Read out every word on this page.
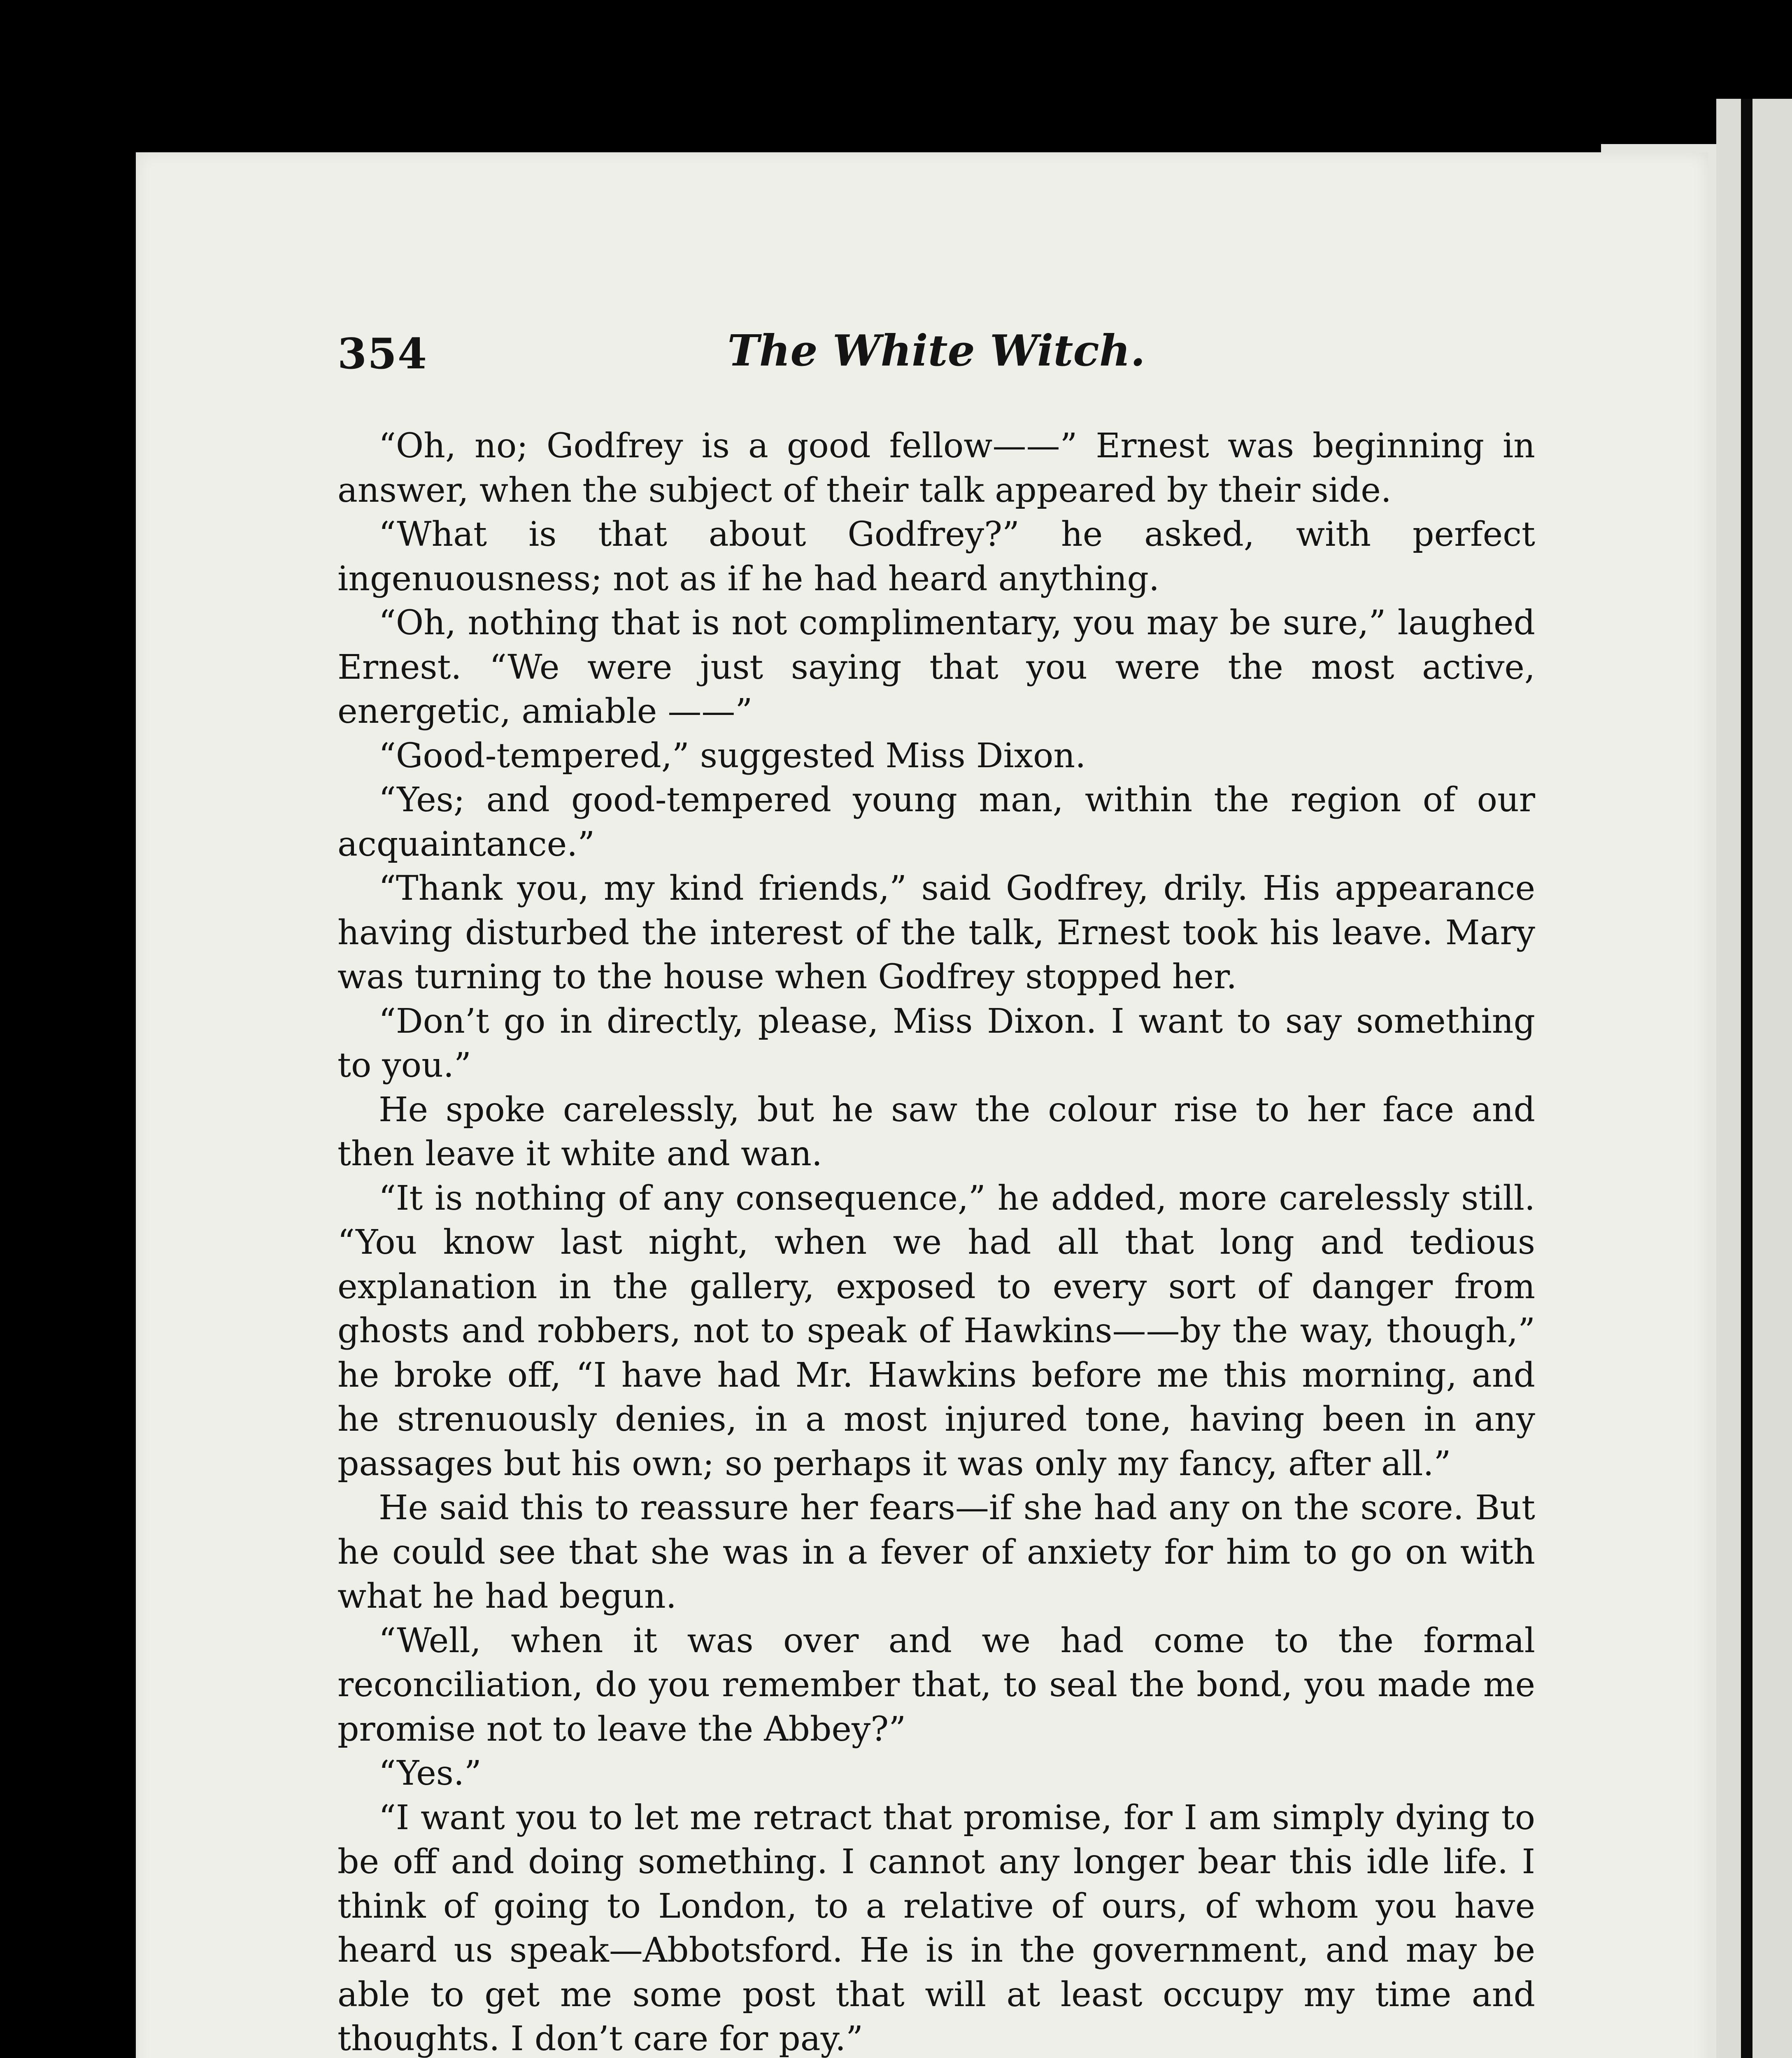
354	The White Witch.

“Oh, no; Godfrey is a good fellow——” Ernest was beginning in answer, when the subject of their talk appeared by their side.

“What is that about Godfrey?” he asked, with perfect ingenuousness; not as if he had heard anything.

“Oh, nothing that is not complimentary, you may be sure,” laughed Ernest. “We were just saying that you were the most active, energetic, amiable ——”

“Good-tempered,” suggested Miss Dixon.

“Yes; and good-tempered young man, within the region of our acquaintance.”

“Thank you, my kind friends,” said Godfrey, drily. His appearance having disturbed the interest of the talk, Ernest took his leave. Mary was turning to the house when Godfrey stopped her.

“Don’t go in directly, please, Miss Dixon. I want to say something to you.”

He spoke carelessly, but he saw the colour rise to her face and then leave it white and wan.

“It is nothing of any consequence,” he added, more carelessly still. “You know last night, when we had all that long and tedious explanation in the gallery, exposed to every sort of danger from ghosts and robbers, not to speak of Hawkins——by the way, though,” he broke off, “I have had Mr. Hawkins before me this morning, and he strenuously denies, in a most injured tone, having been in any passages but his own; so perhaps it was only my fancy, after all.”

He said this to reassure her fears—if she had any on the score. But he could see that she was in a fever of anxiety for him to go on with what he had begun.

“Well, when it was over and we had come to the formal reconciliation, do you remember that, to seal the bond, you made me promise not to leave the Abbey?”

“Yes.”

“I want you to let me retract that promise, for I am simply dying to be off and doing something. I cannot any longer bear this idle life. I think of going to London, to a relative of ours, of whom you have heard us speak—Abbotsford. He is in the government, and may be able to get me some post that will at least occupy my time and thoughts. I don’t care for pay.”
